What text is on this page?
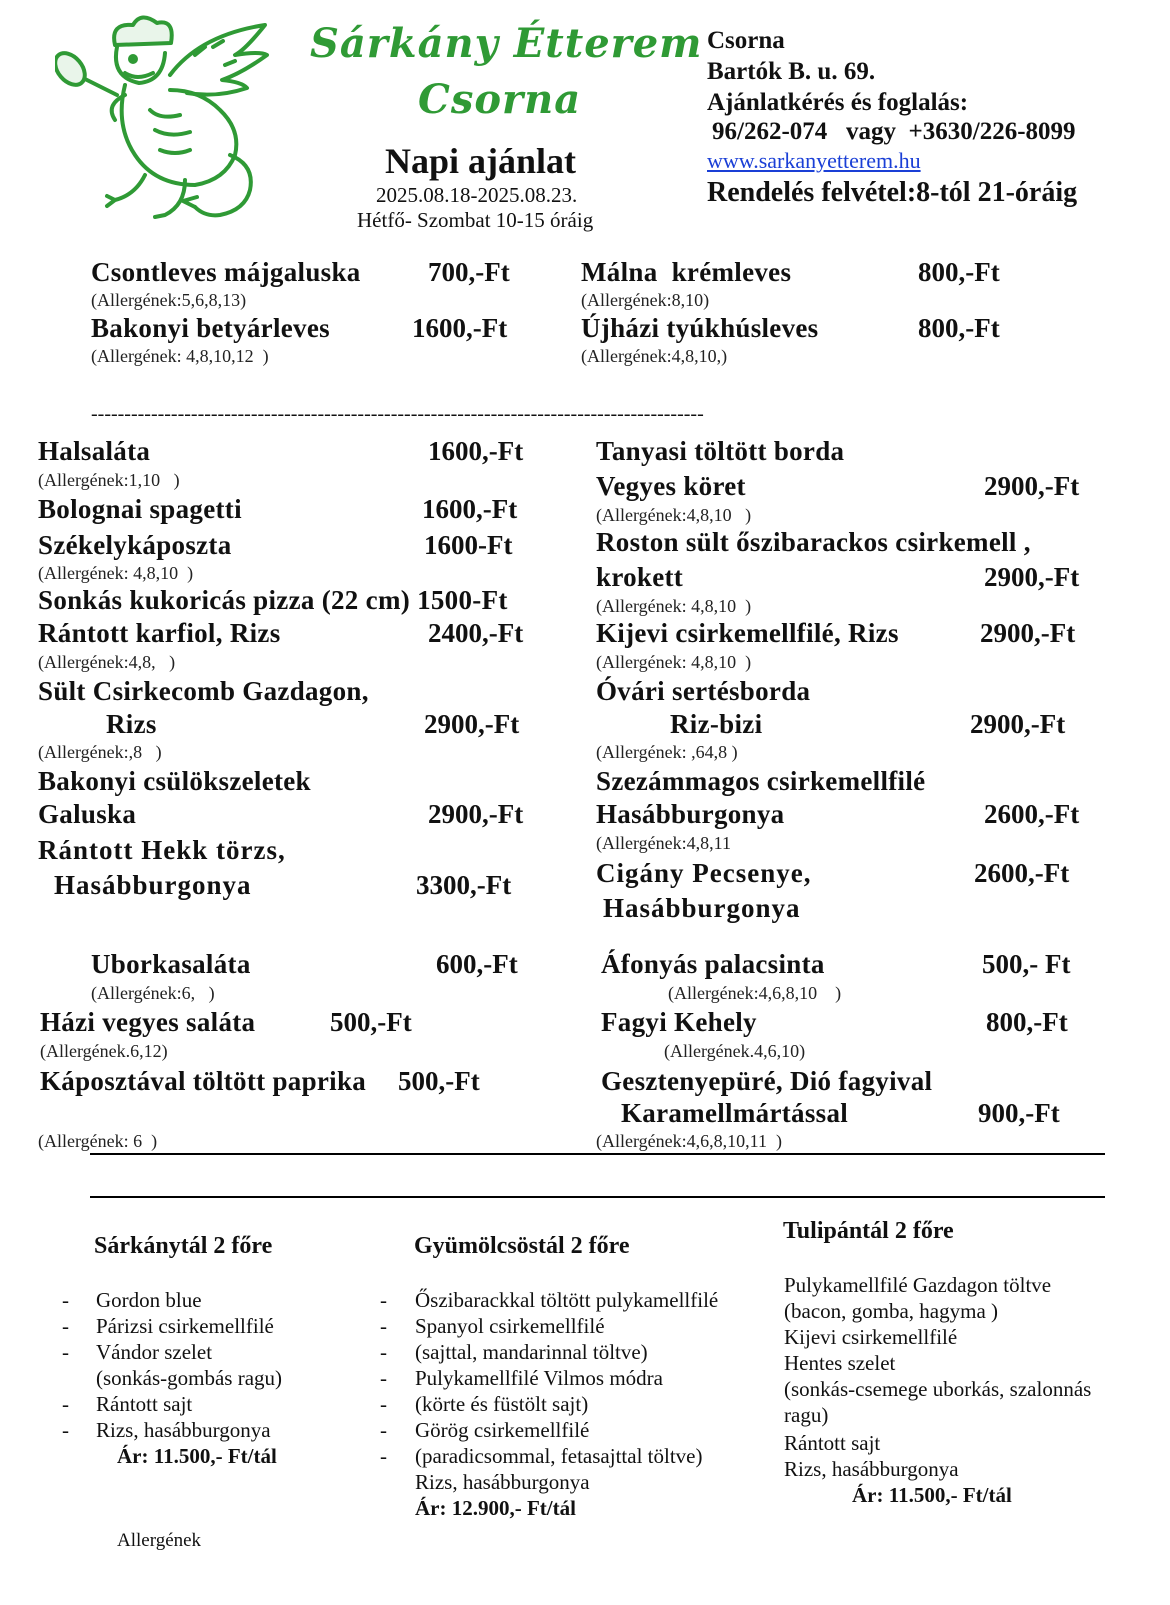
Sárkány Étterem
Csorna
Napi ajánlat
2025.08.18-2025.08.23.
Hétfő- Szombat 10-15 óráig
Csorna
Bartók B. u. 69.
Ajánlatkérés és foglalás:
96/262-074   vagy  +3630/226-8099
www.sarkanyetterem.hu
Rendelés felvétel:8-tól 21-óráig
Csontleves májgaluska 700,-Ft
(Allergének:5,6,8,13)
Bakonyi betyárleves	1600,-Ft
(Allergének: 4,8,10,12  )
Málna  krémleves	800,-Ft
(Allergének:8,10)
Újházi tyúkhúsleves	800,-Ft
(Allergének:4,8,10,)
--------------------------------------------------------------------------------------------
Halsaláta	1600,-Ft
(Allergének:1,10   )
Bolognai spagetti	1600,-Ft
Székelykáposzta	1600-Ft
(Allergének: 4,8,10  )
Sonkás kukoricás pizza (22 cm) 1500-Ft
Rántott karfiol, Rizs	2400,-Ft
(Allergének:4,8,   )
Sült Csirkecomb Gazdagon,
Rizs	2900,-Ft
(Allergének:,8   )
Bakonyi csülökszeletek
Galuska	2900,-Ft
Rántott Hekk törzs,
Hasábburgonya	3300,-Ft
Tanyasi töltött borda
Vegyes köret	2900,-Ft
(Allergének:4,8,10   )
Roston sült őszibarackos csirkemell ,
krokett	2900,-Ft
(Allergének: 4,8,10  )
Kijevi csirkemellfilé, Rizs	2900,-Ft
(Allergének: 4,8,10  )
Óvári sertésborda
Riz-bizi	2900,-Ft
(Allergének: ,64,8 )
Szezámmagos csirkemellfilé
Hasábburgonya	2600,-Ft
(Allergének:4,8,11
Cigány Pecsenye,	2600,-Ft
Hasábburgonya
Uborkasaláta	600,-Ft
(Allergének:6,   )
Házi vegyes saláta	500,-Ft
(Allergének.6,12)
Káposztával töltött paprika 500,-Ft
(Allergének: 6  )
Áfonyás palacsinta	500,- Ft
(Allergének:4,6,8,10    )
Fagyi Kehely	800,-Ft
(Allergének.4,6,10)
Gesztenyepüré, Dió fagyival
Karamellmártással	900,-Ft
(Allergének:4,6,8,10,11  )
Sárkánytál 2 főre
- Gordon blue
- Párizsi csirkemellfilé
- Vándor szelet
(sonkás-gombás ragu)
- Rántott sajt
- Rizs, hasábburgonya
Ár: 11.500,- Ft/tál
Gyümölcsöstál 2 főre
- Őszibarackkal töltött pulykamellfilé
- Spanyol csirkemellfilé
- (sajttal, mandarinnal töltve)
- Pulykamellfilé Vilmos módra
- (körte és füstölt sajt)
- Görög csirkemellfilé
- (paradicsommal, fetasajttal töltve)
Rizs, hasábburgonya
Ár: 12.900,- Ft/tál
Tulipántál 2 főre
Pulykamellfilé Gazdagon töltve
(bacon, gomba, hagyma )
Kijevi csirkemellfilé
Hentes szelet
(sonkás-csemege uborkás, szalonnás
ragu)
Rántott sajt
Rizs, hasábburgonya
Ár: 11.500,- Ft/tál
Allergének
